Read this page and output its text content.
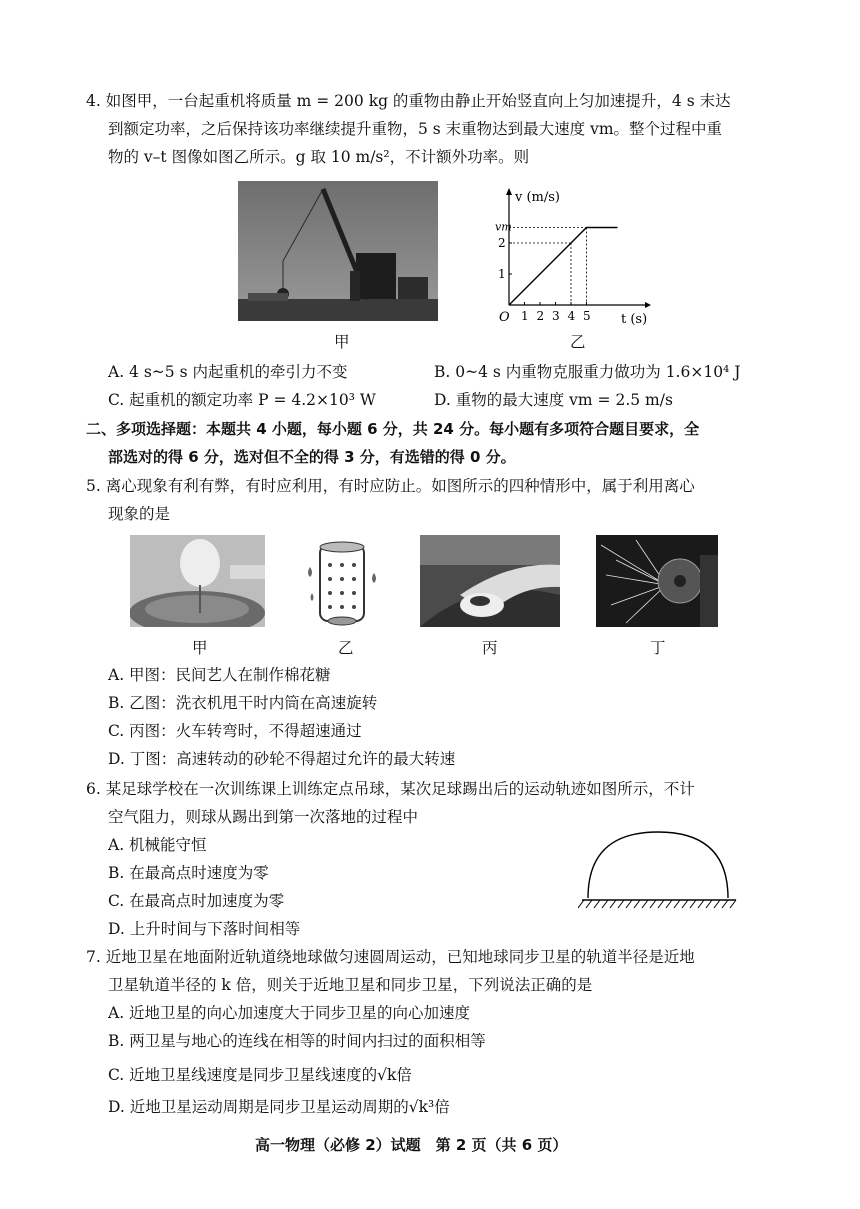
4. 如图甲，一台起重机将质量 m = 200 kg 的重物由静止开始竖直向上匀加速提升，4 s 末达
到额定功率，之后保持该功率继续提升重物，5 s 末重物达到最大速度 vm。整个过程中重
物的 v–t 图像如图乙所示。g 取 10 m/s²，不计额外功率。则
甲
v (m/s)
t (s)
O 1 2 3 4 5
1
2
vm
乙
A. 4 s~5 s 内起重机的牵引力不变	B. 0~4 s 内重物克服重力做功为 1.6×10⁴ J
C. 起重机的额定功率 P = 4.2×10³ W	D. 重物的最大速度 vm = 2.5 m/s
二、多项选择题：本题共 4 小题，每小题 6 分，共 24 分。每小题有多项符合题目要求，全
部选对的得 6 分，选对但不全的得 3 分，有选错的得 0 分。
5. 离心现象有利有弊，有时应利用，有时应防止。如图所示的四种情形中，属于利用离心
现象的是
甲	乙	丙	丁
A. 甲图：民间艺人在制作棉花糖
B. 乙图：洗衣机甩干时内筒在高速旋转
C. 丙图：火车转弯时，不得超速通过
D. 丁图：高速转动的砂轮不得超过允许的最大转速
6. 某足球学校在一次训练课上训练定点吊球，某次足球踢出后的运动轨迹如图所示，不计
空气阻力，则球从踢出到第一次落地的过程中
A. 机械能守恒
B. 在最高点时速度为零
C. 在最高点时加速度为零
D. 上升时间与下落时间相等
7. 近地卫星在地面附近轨道绕地球做匀速圆周运动，已知地球同步卫星的轨道半径是近地
卫星轨道半径的 k 倍，则关于近地卫星和同步卫星，下列说法正确的是
A. 近地卫星的向心加速度大于同步卫星的向心加速度
B. 两卫星与地心的连线在相等的时间内扫过的面积相等
C. 近地卫星线速度是同步卫星线速度的√k倍
D. 近地卫星运动周期是同步卫星运动周期的√k³倍
高一物理（必修 2）试题　第 2 页（共 6 页）
